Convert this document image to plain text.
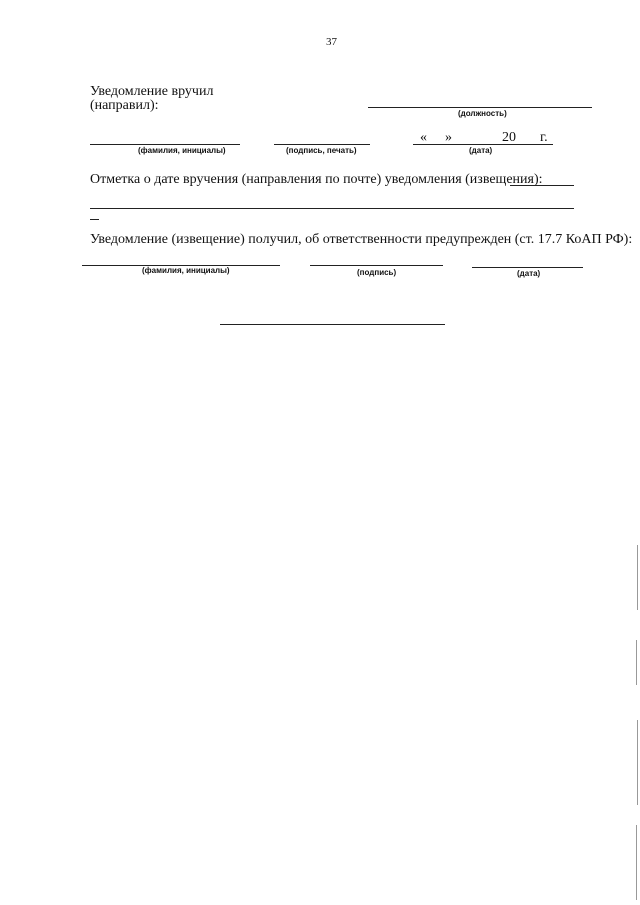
37
Уведомление вручил
(направил):
(должность)
« »	20 г.
(фамилия, инициалы)	(подпись, печать)	(дата)
Отметка о дате вручения (направления по почте) уведомления (извещения):
Уведомление (извещение) получил, об ответственности предупрежден (ст. 17.7 КоАП РФ):
(фамилия, инициалы)	(подпись)	(дата)
